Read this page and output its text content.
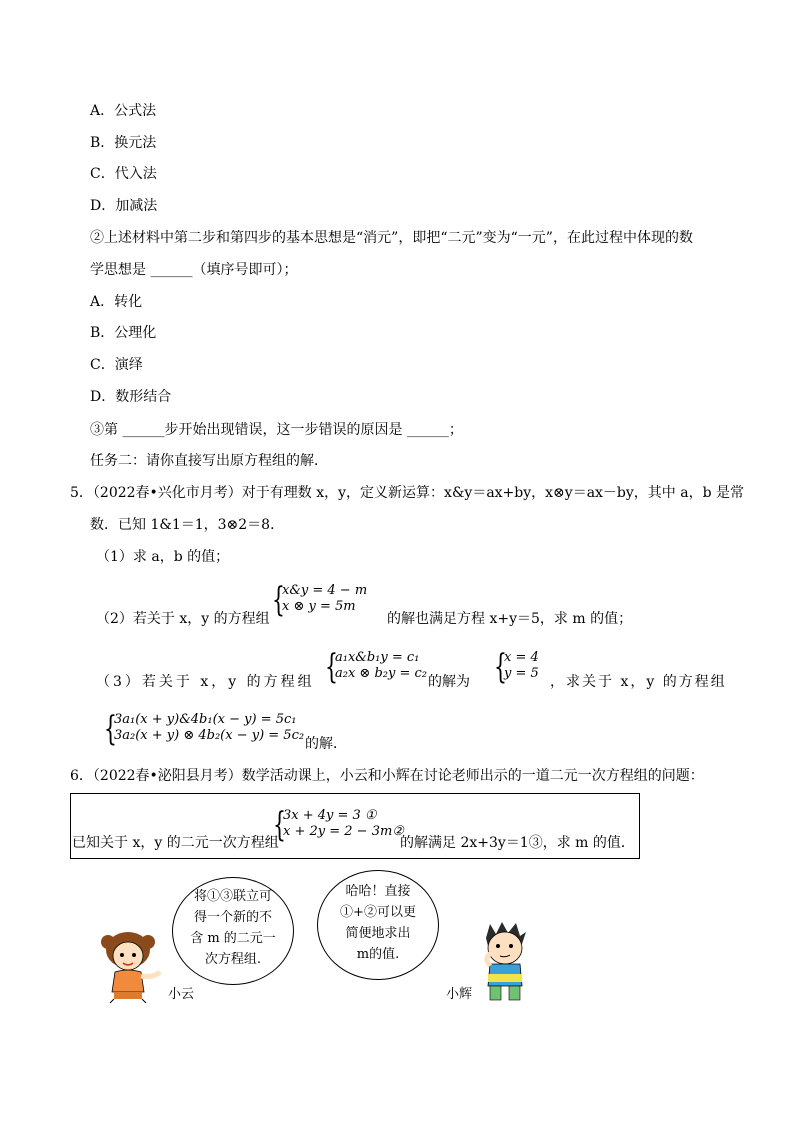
A．公式法
B．换元法
C．代入法
D．加减法
②上述材料中第二步和第四步的基本思想是“消元”，即把“二元”变为“一元”，在此过程中体现的数
学思想是 ______（填序号即可）；
A．转化
B．公理化
C．演绎
D．数形结合
③第 ______步开始出现错误，这一步错误的原因是 ______；
任务二：请你直接写出原方程组的解．
5．（2022春•兴化市月考）对于有理数 x，y，定义新运算：x&y＝ax+by，x⊗y＝ax－by，其中 a，b 是常
数．已知 1&1＝1，3⊗2＝8．
（1）求 a，b 的值；
（2）若关于 x，y 的方程组 {
x&y = 4 − m
x ⊗ y = 5m
的解也满足方程 x+y＝5，求 m 的值；
（3）若关于 x，y 的方程组 {
a₁x&b₁y = c₁
a₂x ⊗ b₂y = c₂
的解为 {
x = 4
y = 5
，求关于 x，y 的方程组
{
3a₁(x + y)&4b₁(x − y) = 5c₁
3a₂(x + y) ⊗ 4b₂(x − y) = 5c₂
的解．
6．（2022春•泌阳县月考）数学活动课上，小云和小辉在讨论老师出示的一道二元一次方程组的问题：
已知关于 x，y 的二元一次方程组
{
3x + 4y = 3 ①
x + 2y = 2 − 3m②
的解满足 2x+3y＝1③，求 m 的值．
将①③联立可
得一个新的不
含 m 的二元一
次方程组.
哈哈！直接
①+②可以更
简便地求出
m的值.
小云	小辉
